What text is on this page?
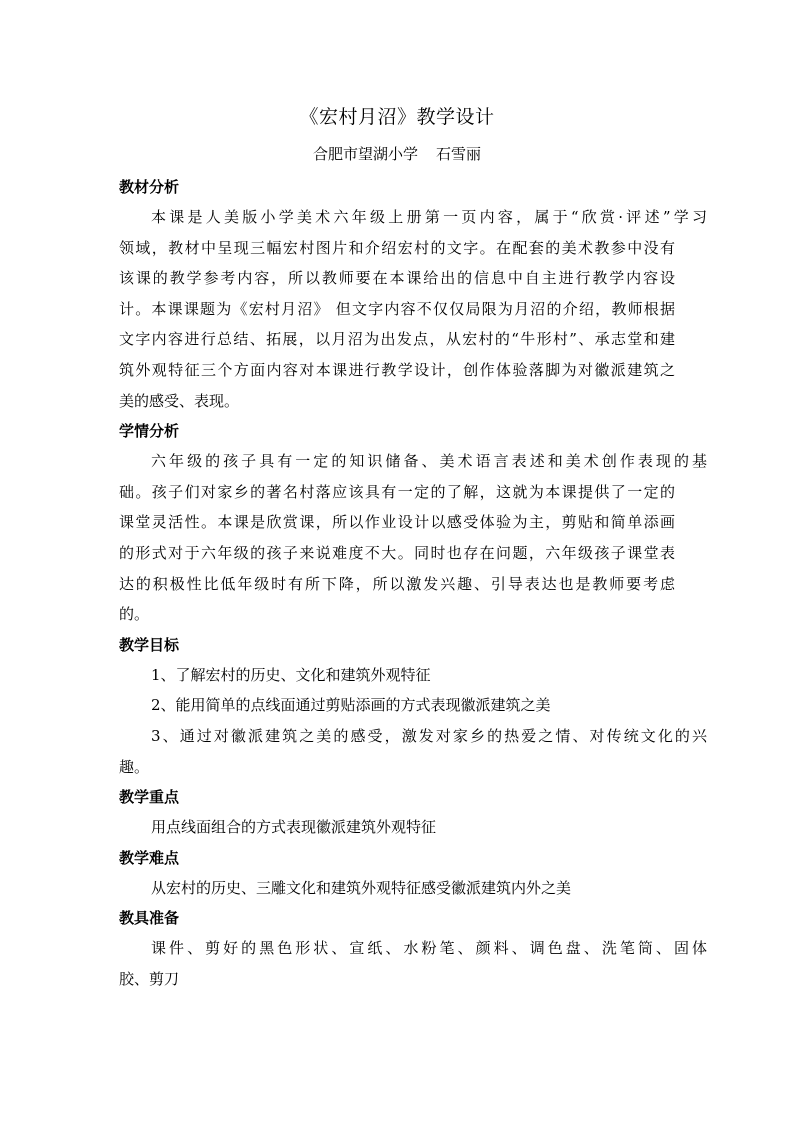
《宏村月沼》教学设计
合肥市望湖小学 石雪丽
教材分析
本课是人美版小学美术六年级上册第一页内容，属于“欣赏·评述”学习
领域，教材中呈现三幅宏村图片和介绍宏村的文字。在配套的美术教参中没有
该课的教学参考内容，所以教师要在本课给出的信息中自主进行教学内容设
计。本课课题为《宏村月沼》 但文字内容不仅仅局限为月沼的介绍，教师根据
文字内容进行总结、拓展，以月沼为出发点，从宏村的“牛形村”、承志堂和建
筑外观特征三个方面内容对本课进行教学设计，创作体验落脚为对徽派建筑之
美的感受、表现。
学情分析
六年级的孩子具有一定的知识储备、美术语言表述和美术创作表现的基
础。孩子们对家乡的著名村落应该具有一定的了解，这就为本课提供了一定的
课堂灵活性。本课是欣赏课，所以作业设计以感受体验为主，剪贴和简单添画
的形式对于六年级的孩子来说难度不大。同时也存在问题，六年级孩子课堂表
达的积极性比低年级时有所下降，所以激发兴趣、引导表达也是教师要考虑
的。
教学目标
1、了解宏村的历史、文化和建筑外观特征
2、能用简单的点线面通过剪贴添画的方式表现徽派建筑之美
3、通过对徽派建筑之美的感受，激发对家乡的热爱之情、对传统文化的兴
趣。
教学重点
用点线面组合的方式表现徽派建筑外观特征
教学难点
从宏村的历史、三雕文化和建筑外观特征感受徽派建筑内外之美
教具准备
课件、剪好的黑色形状、宣纸、水粉笔、颜料、调色盘、洗笔筒、固体
胶、剪刀
